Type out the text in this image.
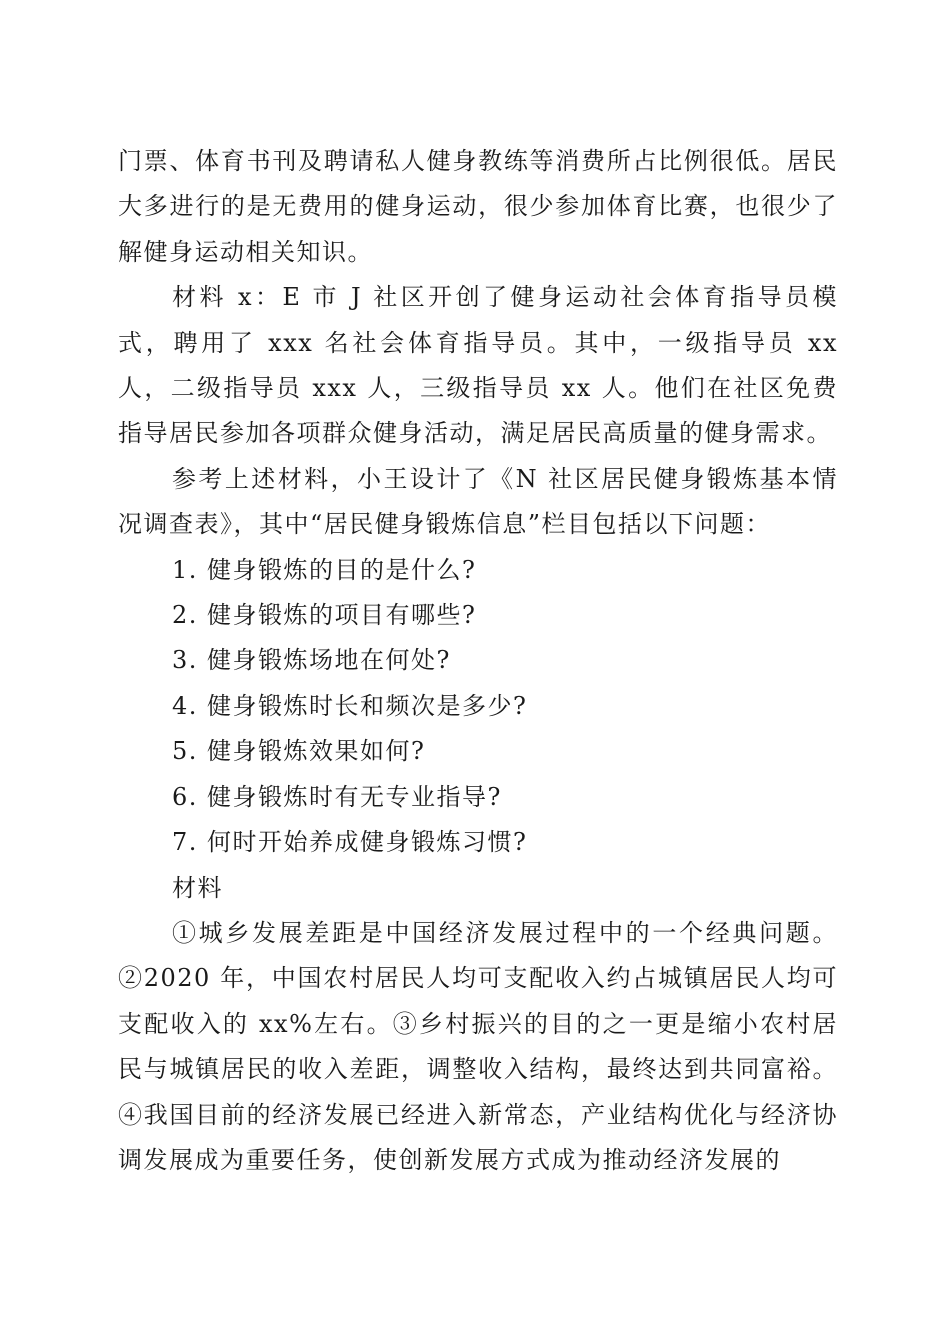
门票、体育书刊及聘请私人健身教练等消费所占比例很低。居民大多进行的是无费用的健身运动，很少参加体育比赛，也很少了解健身运动相关知识。

材料 x：E 市 J 社区开创了健身运动社会体育指导员模式，聘用了 xxx 名社会体育指导员。其中，一级指导员 xx 人，二级指导员 xxx 人，三级指导员 xx 人。他们在社区免费指导居民参加各项群众健身活动，满足居民高质量的健身需求。

参考上述材料，小王设计了《N 社区居民健身锻炼基本情况调查表》，其中“居民健身锻炼信息”栏目包括以下问题：

1. 健身锻炼的目的是什么?

2. 健身锻炼的项目有哪些?

3. 健身锻炼场地在何处?

4. 健身锻炼时长和频次是多少?

5. 健身锻炼效果如何?

6. 健身锻炼时有无专业指导?

7. 何时开始养成健身锻炼习惯?

材料

①城乡发展差距是中国经济发展过程中的一个经典问题。②2020 年，中国农村居民人均可支配收入约占城镇居民人均可支配收入的 xx%左右。③乡村振兴的目的之一更是缩小农村居民与城镇居民的收入差距，调整收入结构，最终达到共同富裕。④我国目前的经济发展已经进入新常态，产业结构优化与经济协调发展成为重要任务，使创新发展方式成为推动经济发展的
